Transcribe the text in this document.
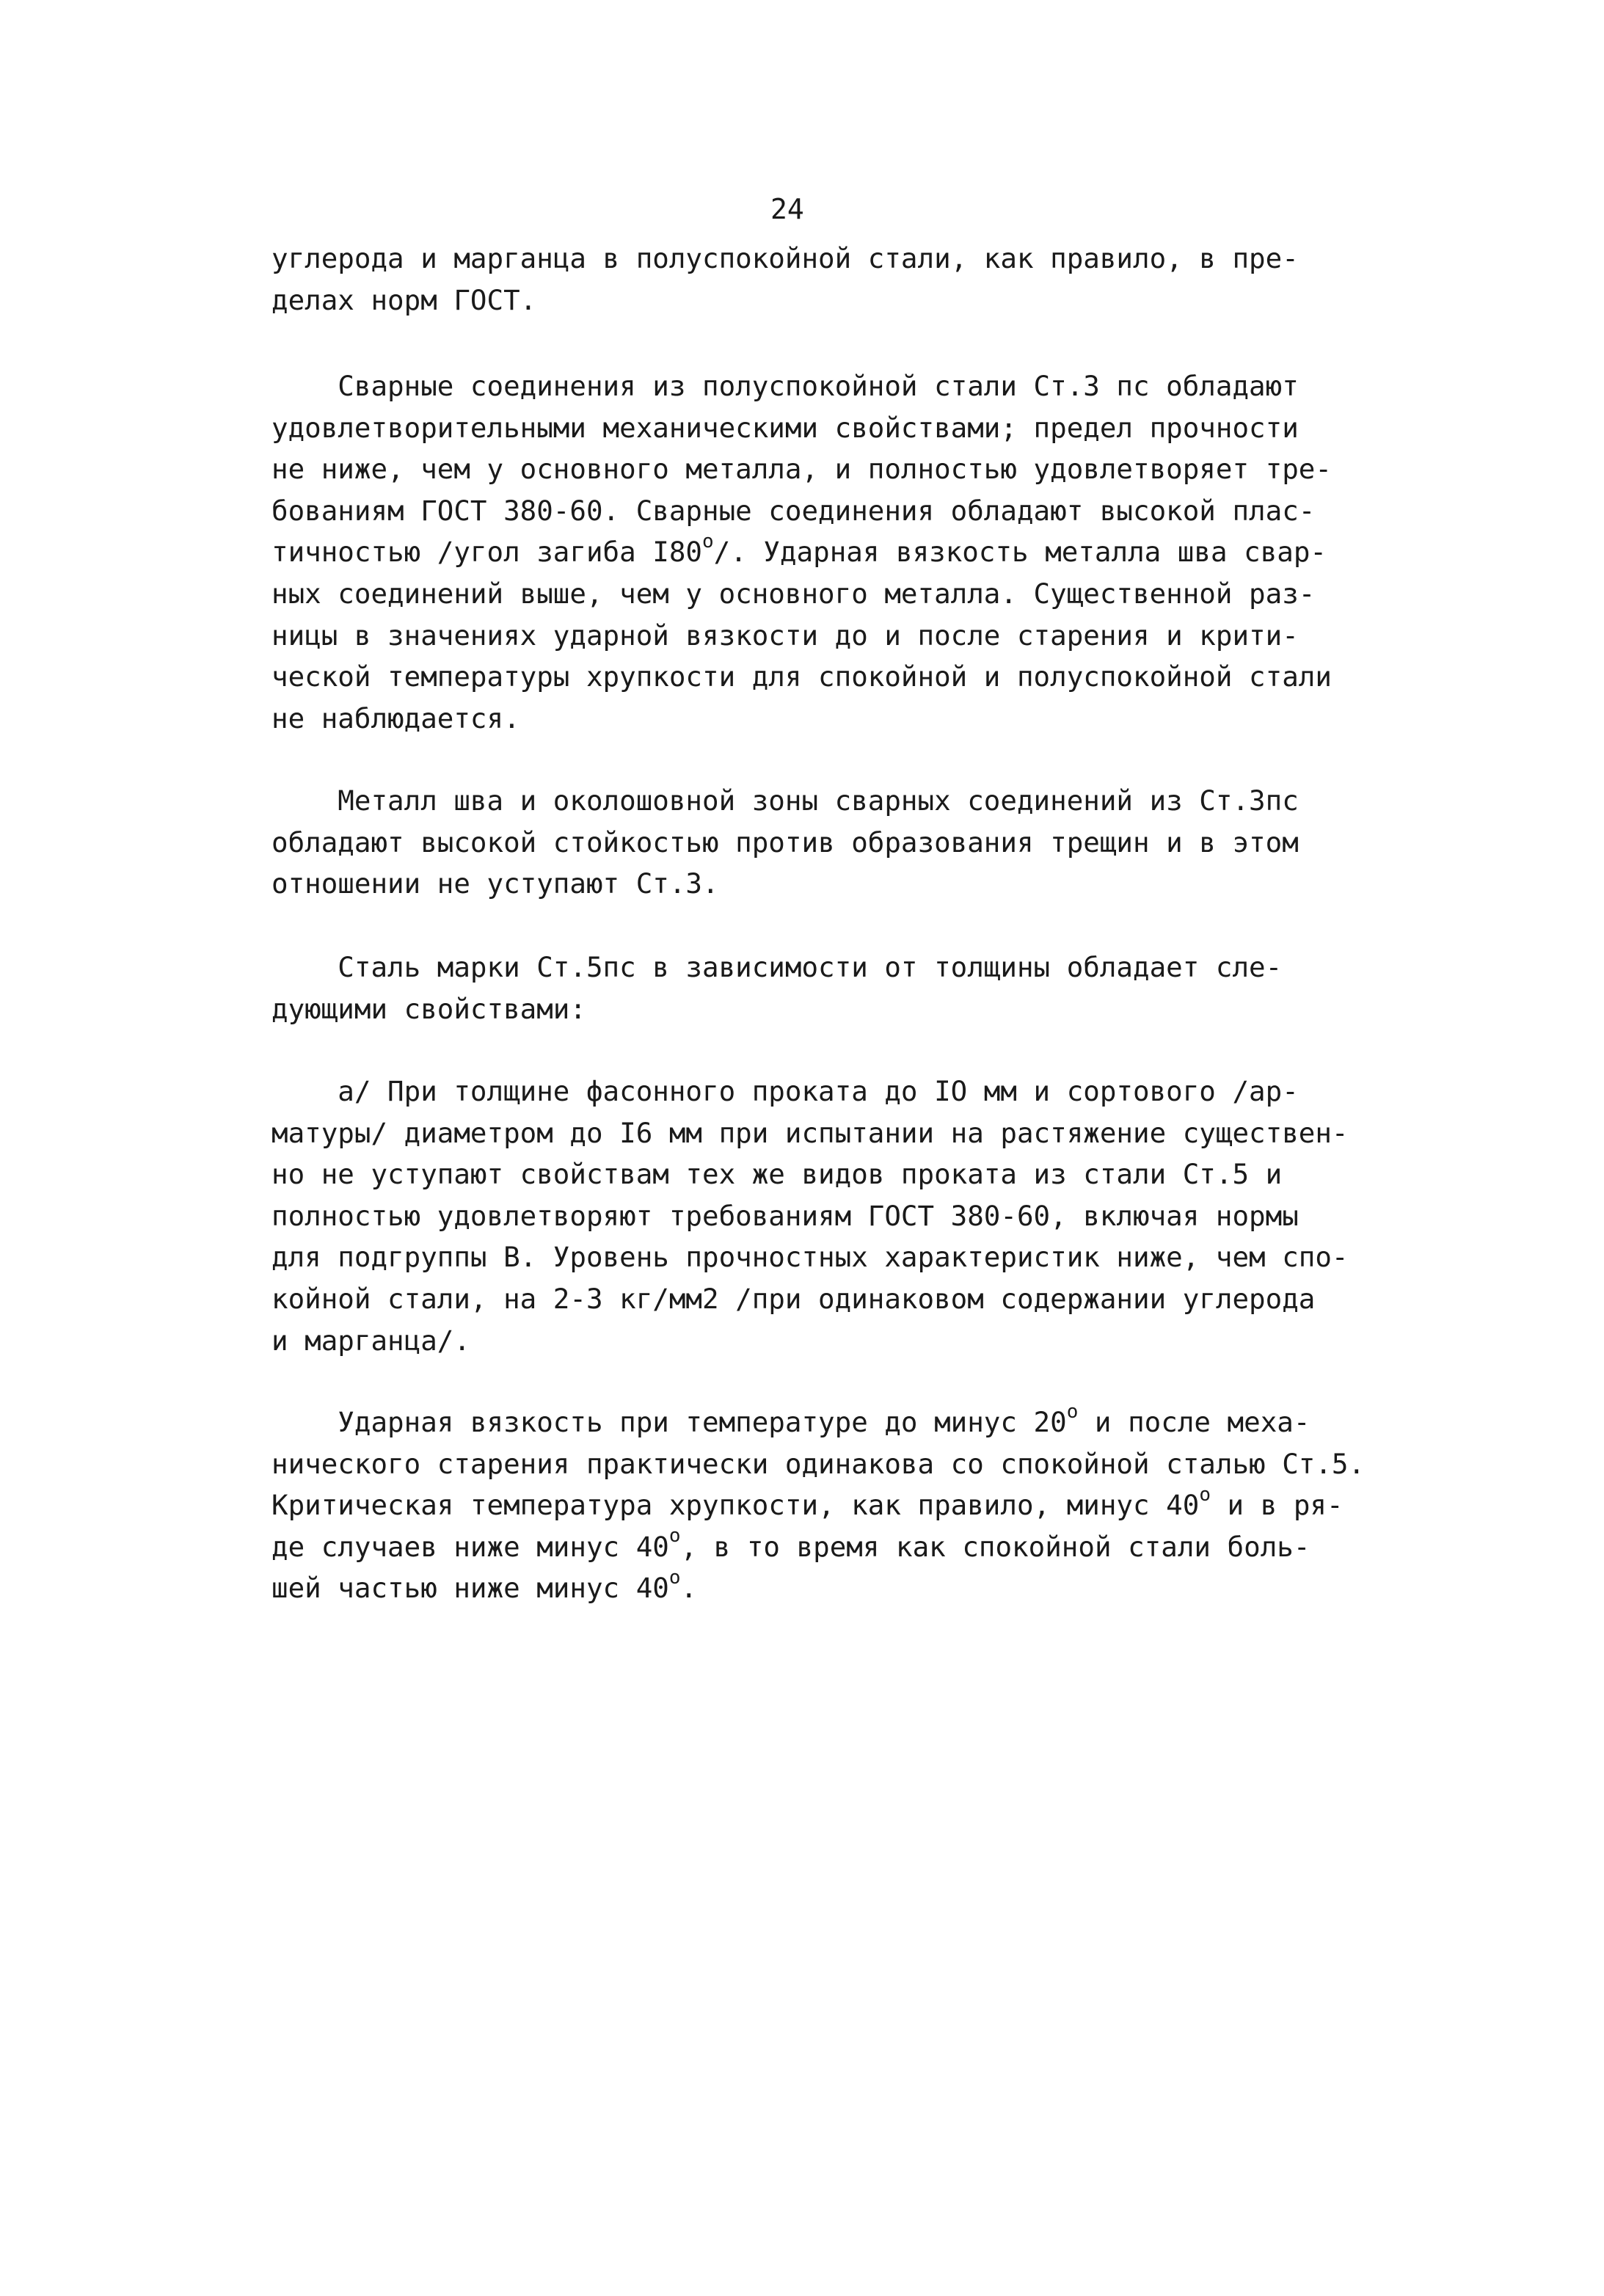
24
углерода и марганца в полуспокойной стали, как правило, в пре-
делах норм ГОСТ.
Сварные соединения из полуспокойной стали Ст.3 пс обладают
удовлетворительными механическими свойствами; предел прочности
не ниже, чем у основного металла, и полностью удовлетворяет тре-
бованиям ГОСТ 380-60. Сварные соединения обладают высокой плас-
тичностью /угол загиба I80$^o$/. Ударная вязкость металла шва свар-
ных соединений выше, чем у основного металла. Существенной раз-
ницы в значениях ударной вязкости до и после старения и крити-
ческой температуры хрупкости для спокойной и полуспокойной стали
не наблюдается.
Металл шва и околошовной зоны сварных соединений из Ст.3пс
обладают высокой стойкостью против образования трещин и в этом
отношении не уступают Ст.3.
Сталь марки Ст.5пс в зависимости от толщины обладает сле-
дующими свойствами:
а/ При толщине фасонного проката до IO мм и сортового /ар-
матуры/ диаметром до I6 мм при испытании на растяжение существен-
но не уступают свойствам тех же видов проката из стали Ст.5 и
полностью удовлетворяют требованиям ГОСТ 380-60, включая нормы
для подгруппы В. Уровень прочностных характеристик ниже, чем спо-
койной стали, на 2-3 кг/мм2 /при одинаковом содержании углерода
и марганца/.
Ударная вязкость при температуре до минус 20$^o$ и после меха-
нического старения практически одинакова со спокойной сталью Ст.5.
Критическая температура хрупкости, как правило, минус 40$^o$ и в ря-
де случаев ниже минус 40$^o$, в то время как спокойной стали боль-
шей частью ниже минус 40$^o$.
